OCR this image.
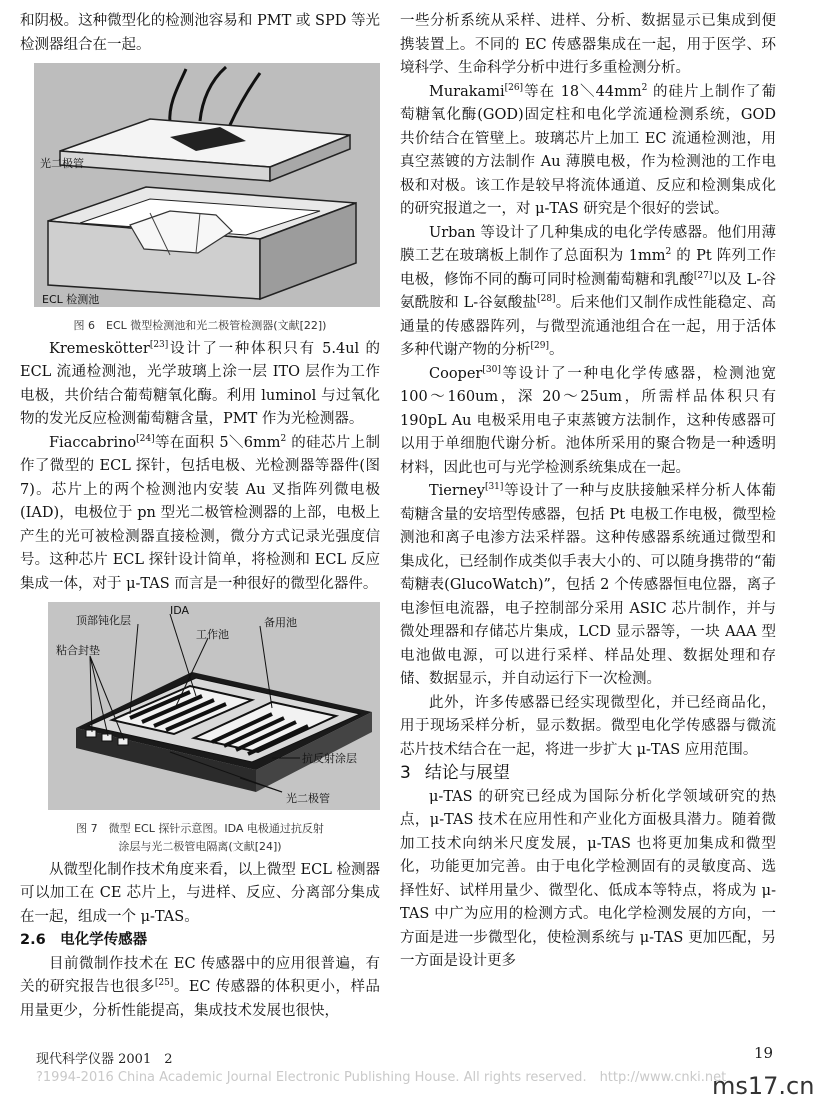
和阴极。这种微型化的检测池容易和 PMT 或 SPD 等光检测器组合在一起。

光二极管
ECL 检测池
图 6　ECL 微型检测池和光二极管检测器(文献[22])

Kremeskötter[23]设计了一种体积只有 5.4ul 的 ECL 流通检测池，光学玻璃上涂一层 ITO 层作为工作电极，共价结合葡萄糖氧化酶。利用 luminol 与过氧化物的发光反应检测葡萄糖含量，PMT 作为光检测器。

Fiaccabrino[24]等在面积 $5\backslash 6mm^2$ 的硅芯片上制作了微型的 ECL 探针，包括电极、光检测器等器件(图 7)。芯片上的两个检测池内安装 Au 叉指阵列微电极(IAD)，电极位于 pn 型光二极管检测器的上部，电极上产生的光可被检测器直接检测，微分方式记录光强度信号。这种芯片 ECL 探针设计简单，将检测和 ECL 反应集成一体，对于 μ-TAS 而言是一种很好的微型化器件。

IDA
顶部钝化层
工作池
备用池
粘合封垫
抗反射涂层
光二极管
图 7　微型 ECL 探针示意图。IDA 电极通过抗反射
涂层与光二极管电隔离(文献[24])

从微型化制作技术角度来看，以上微型 ECL 检测器可以加工在 CE 芯片上，与进样、反应、分离部分集成在一起，组成一个 μ-TAS。

2.6　电化学传感器

目前微制作技术在 EC 传感器中的应用很普遍，有关的研究报告也很多[25]。EC 传感器的体积更小，样品用量更少，分析性能提高，集成技术发展也很快，

一些分析系统从采样、进样、分析、数据显示已集成到便携装置上。不同的 EC 传感器集成在一起，用于医学、环境科学、生命科学分析中进行多重检测分析。

Murakami[26]等在 $18\backslash 44mm^2$ 的硅片上制作了葡萄糖氧化酶(GOD)固定柱和电化学流通检测系统，GOD 共价结合在管壁上。玻璃芯片上加工 EC 流通检测池，用真空蒸镀的方法制作 Au 薄膜电极，作为检测池的工作电极和对极。该工作是较早将流体通道、反应和检测集成化的研究报道之一，对 μ-TAS 研究是个很好的尝试。

Urban 等设计了几种集成的电化学传感器。他们用薄膜工艺在玻璃板上制作了总面积为 $1mm^2$ 的 Pt 阵列工作电极，修饰不同的酶可同时检测葡萄糖和乳酸[27]以及 L-谷氨酰胺和 L-谷氨酸盐[28]。后来他们又制作成性能稳定、高通量的传感器阵列，与微型流通池组合在一起，用于活体多种代谢产物的分析[29]。

Cooper[30]等设计了一种电化学传感器，检测池宽 100～160um，深 20～25um，所需样品体积只有 190pL Au 电极采用电子束蒸镀方法制作，这种传感器可以用于单细胞代谢分析。池体所采用的聚合物是一种透明材料，因此也可与光学检测系统集成在一起。

Tierney[31]等设计了一种与皮肤接触采样分析人体葡萄糖含量的安培型传感器，包括 Pt 电极工作电极，微型检测池和离子电渗方法采样器。这种传感器系统通过微型和集成化，已经制作成类似手表大小的、可以随身携带的“葡萄糖表(GlucoWatch)”，包括 2 个传感器恒电位器，离子电渗恒电流器，电子控制部分采用 ASIC 芯片制作，并与微处理器和存储芯片集成，LCD 显示器等，一块 AAA 型电池做电源，可以进行采样、样品处理、数据处理和存储、数据显示，并自动运行下一次检测。

此外，许多传感器已经实现微型化，并已经商品化，用于现场采样分析，显示数据。微型电化学传感器与微流芯片技术结合在一起，将进一步扩大 μ-TAS 应用范围。

3 结论与展望

μ-TAS 的研究已经成为国际分析化学领域研究的热点，μ-TAS 技术在应用性和产业化方面极具潜力。随着微加工技术向纳米尺度发展，μ-TAS 也将更加集成和微型化，功能更加完善。由于电化学检测固有的灵敏度高、选择性好、试样用量少、微型化、低成本等特点，将成为 μ-TAS 中广为应用的检测方式。电化学检测发展的方向，一方面是进一步微型化，使检测系统与 μ-TAS 更加匹配，另一方面是设计更多

现代科学仪器 2001　2	19
?1994-2016 China Academic Journal Electronic Publishing House. All rights reserved.　http://www.cnki.net
ms17.cn
